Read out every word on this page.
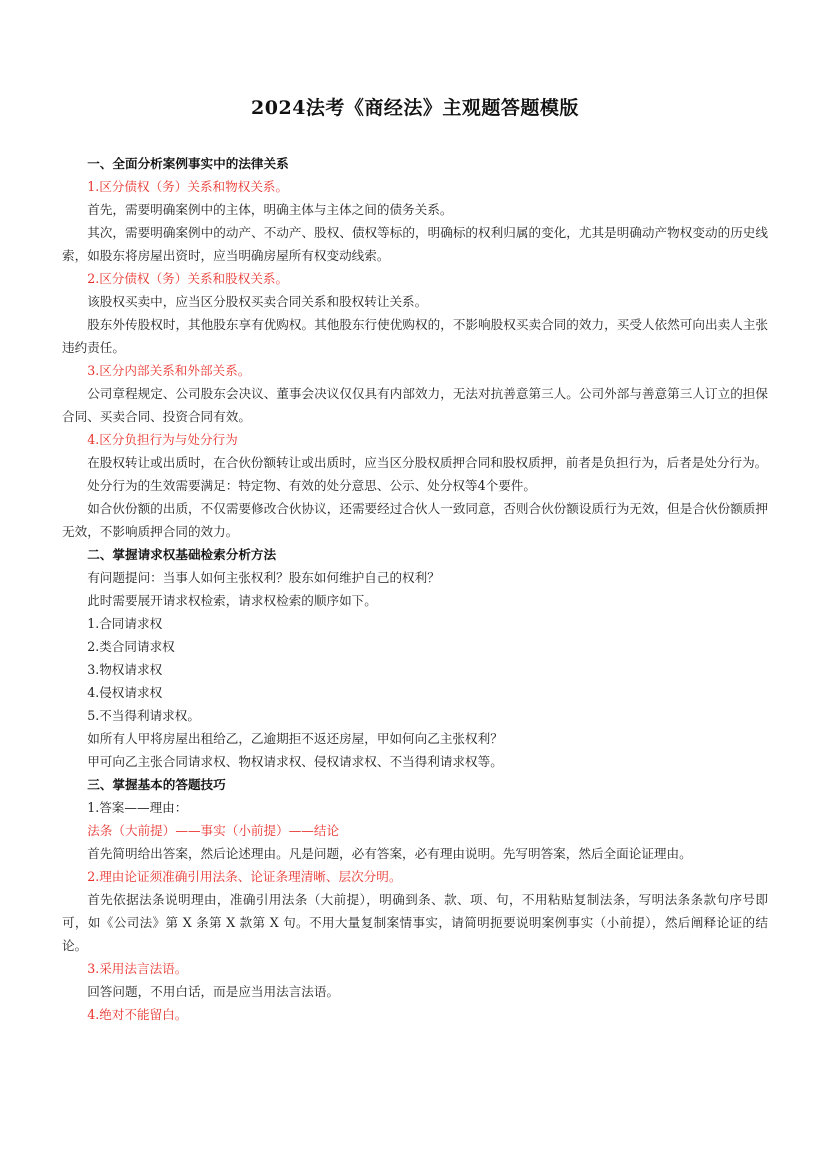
2024法考《商经法》主观题答题模版

一、全面分析案例事实中的法律关系

1.区分债权（务）关系和物权关系。

首先，需要明确案例中的主体，明确主体与主体之间的债务关系。

其次，需要明确案例中的动产、不动产、股权、债权等标的，明确标的权利归属的变化，尤其是明确动产物权变动的历史线索，如股东将房屋出资时，应当明确房屋所有权变动线索。

2.区分债权（务）关系和股权关系。

该股权买卖中，应当区分股权买卖合同关系和股权转让关系。

股东外传股权时，其他股东享有优购权。其他股东行使优购权的，不影响股权买卖合同的效力，买受人依然可向出卖人主张违约责任。

3.区分内部关系和外部关系。

公司章程规定、公司股东会决议、董事会决议仅仅具有内部效力，无法对抗善意第三人。公司外部与善意第三人订立的担保合同、买卖合同、投资合同有效。

4.区分负担行为与处分行为

在股权转让或出质时，在合伙份额转让或出质时，应当区分股权质押合同和股权质押，前者是负担行为，后者是处分行为。

处分行为的生效需要满足：特定物、有效的处分意思、公示、处分权等4个要件。

如合伙份额的出质，不仅需要修改合伙协议，还需要经过合伙人一致同意，否则合伙份额设质行为无效，但是合伙份额质押无效，不影响质押合同的效力。

二、掌握请求权基础检索分析方法

有问题提问：当事人如何主张权利？股东如何维护自己的权利？

此时需要展开请求权检索，请求权检索的顺序如下。

1.合同请求权

2.类合同请求权

3.物权请求权

4.侵权请求权

5.不当得利请求权。

如所有人甲将房屋出租给乙，乙逾期拒不返还房屋，甲如何向乙主张权利？

甲可向乙主张合同请求权、物权请求权、侵权请求权、不当得利请求权等。

三、掌握基本的答题技巧

1.答案——理由：

法条（大前提）——事实（小前提）——结论

首先简明给出答案，然后论述理由。凡是问题，必有答案，必有理由说明。先写明答案，然后全面论证理由。

2.理由论证须准确引用法条、论证条理清晰、层次分明。

首先依据法条说明理由，准确引用法条（大前提），明确到条、款、项、句，不用粘贴复制法条，写明法条条款句序号即可，如《公司法》第 X 条第 X 款第 X 句。不用大量复制案情事实，请简明扼要说明案例事实（小前提），然后阐释论证的结论。

3.采用法言法语。

回答问题，不用白话，而是应当用法言法语。

4.绝对不能留白。
